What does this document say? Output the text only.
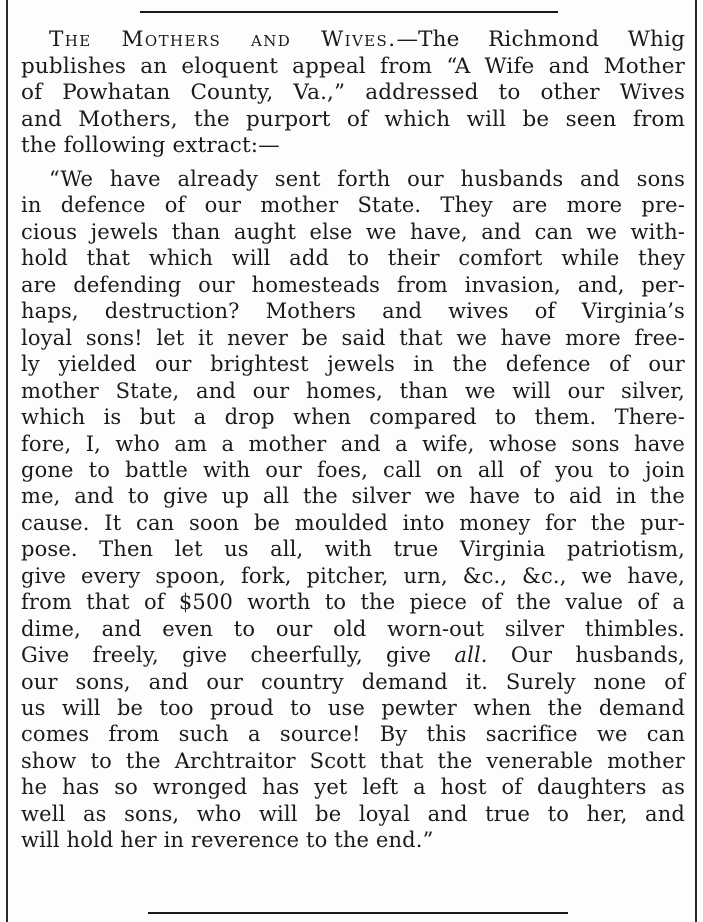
The Mothers and Wives.—The Richmond Whig
publishes an eloquent appeal from “A Wife and Mother
of Powhatan County, Va.,” addressed to other Wives
and Mothers, the purport of which will be seen from
the following extract:—

“We have already sent forth our husbands and sons
in defence of our mother State. They are more pre-
cious jewels than aught else we have, and can we with-
hold that which will add to their comfort while they
are defending our homesteads from invasion, and, per-
haps, destruction? Mothers and wives of Virginia’s
loyal sons! let it never be said that we have more free-
ly yielded our brightest jewels in the defence of our
mother State, and our homes, than we will our silver,
which is but a drop when compared to them. There-
fore, I, who am a mother and a wife, whose sons have
gone to battle with our foes, call on all of you to join
me, and to give up all the silver we have to aid in the
cause. It can soon be moulded into money for the pur-
pose. Then let us all, with true Virginia patriotism,
give every spoon, fork, pitcher, urn, &c., &c., we have,
from that of $500 worth to the piece of the value of a
dime, and even to our old worn-out silver thimbles.
Give freely, give cheerfully, give all. Our husbands,
our sons, and our country demand it. Surely none of
us will be too proud to use pewter when the demand
comes from such a source! By this sacrifice we can
show to the Archtraitor Scott that the venerable mother
he has so wronged has yet left a host of daughters as
well as sons, who will be loyal and true to her, and
will hold her in reverence to the end.”
